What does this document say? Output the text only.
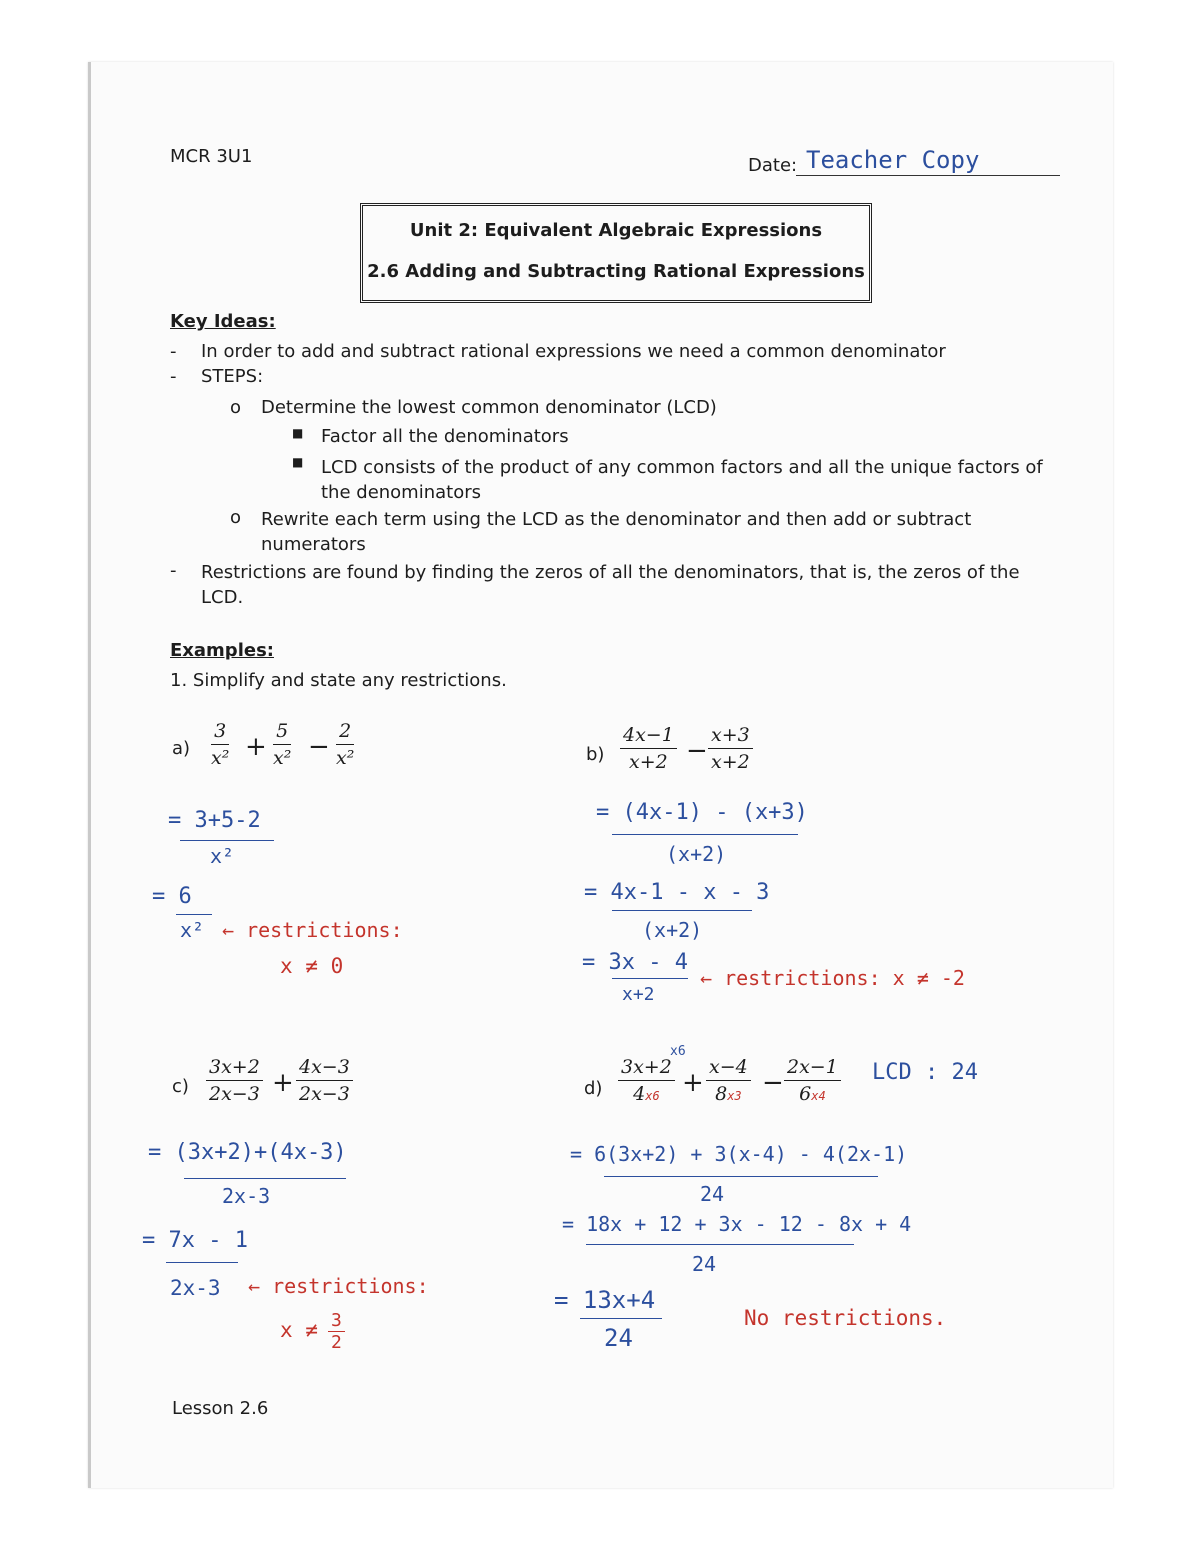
MCR 3U1	Date: Teacher Copy
Unit 2: Equivalent Algebraic Expressions
2.6 Adding and Subtracting Rational Expressions
Key Ideas:
- In order to add and subtract rational expressions we need a common denominator
- STEPS:
o Determine the lowest common denominator (LCD)
■ Factor all the denominators
■ LCD consists of the product of any common factors and all the unique factors of the denominators
o Rewrite each term using the LCD as the denominator and then add or subtract numerators
- Restrictions are found by finding the zeros of all the denominators, that is, the zeros of the LCD.
Examples:
1. Simplify and state any restrictions.
$a) \frac{3}{\text{x²}} + \frac{5}{\text{x²}} - \frac{2}{\text{x²}}$
= 3+5-2
x²
= 6
x² ← restrictions:
x ≠ 0
$b) \frac{4x-1}{x+2} - \frac{x+3}{x+2}$
= (4x-1) - (x+3)
(x+2)
= 4x-1 - x - 3
(x+2)
= 3x - 4
x+2
← restrictions: x ≠ -2
$c) \frac{3x+2}{2x-3} + \frac{4x-3}{2x-3}$
= (3x+2)+(4x-3)
2x-3
= 7x - 1
2x-3 ← restrictions:
x ≠ 3
2
$d) \frac{3x+2}{4x6}$
x6
+ $\frac{x-4}{8x3} - \frac{2x-1}{6x4}$ LCD : 24
= 6(3x+2) + 3(x-4) - 4(2x-1)
24
= 18x + 12 + 3x - 12 - 8x + 4
24
= 13x+4
24
No restrictions.
Lesson 2.6
